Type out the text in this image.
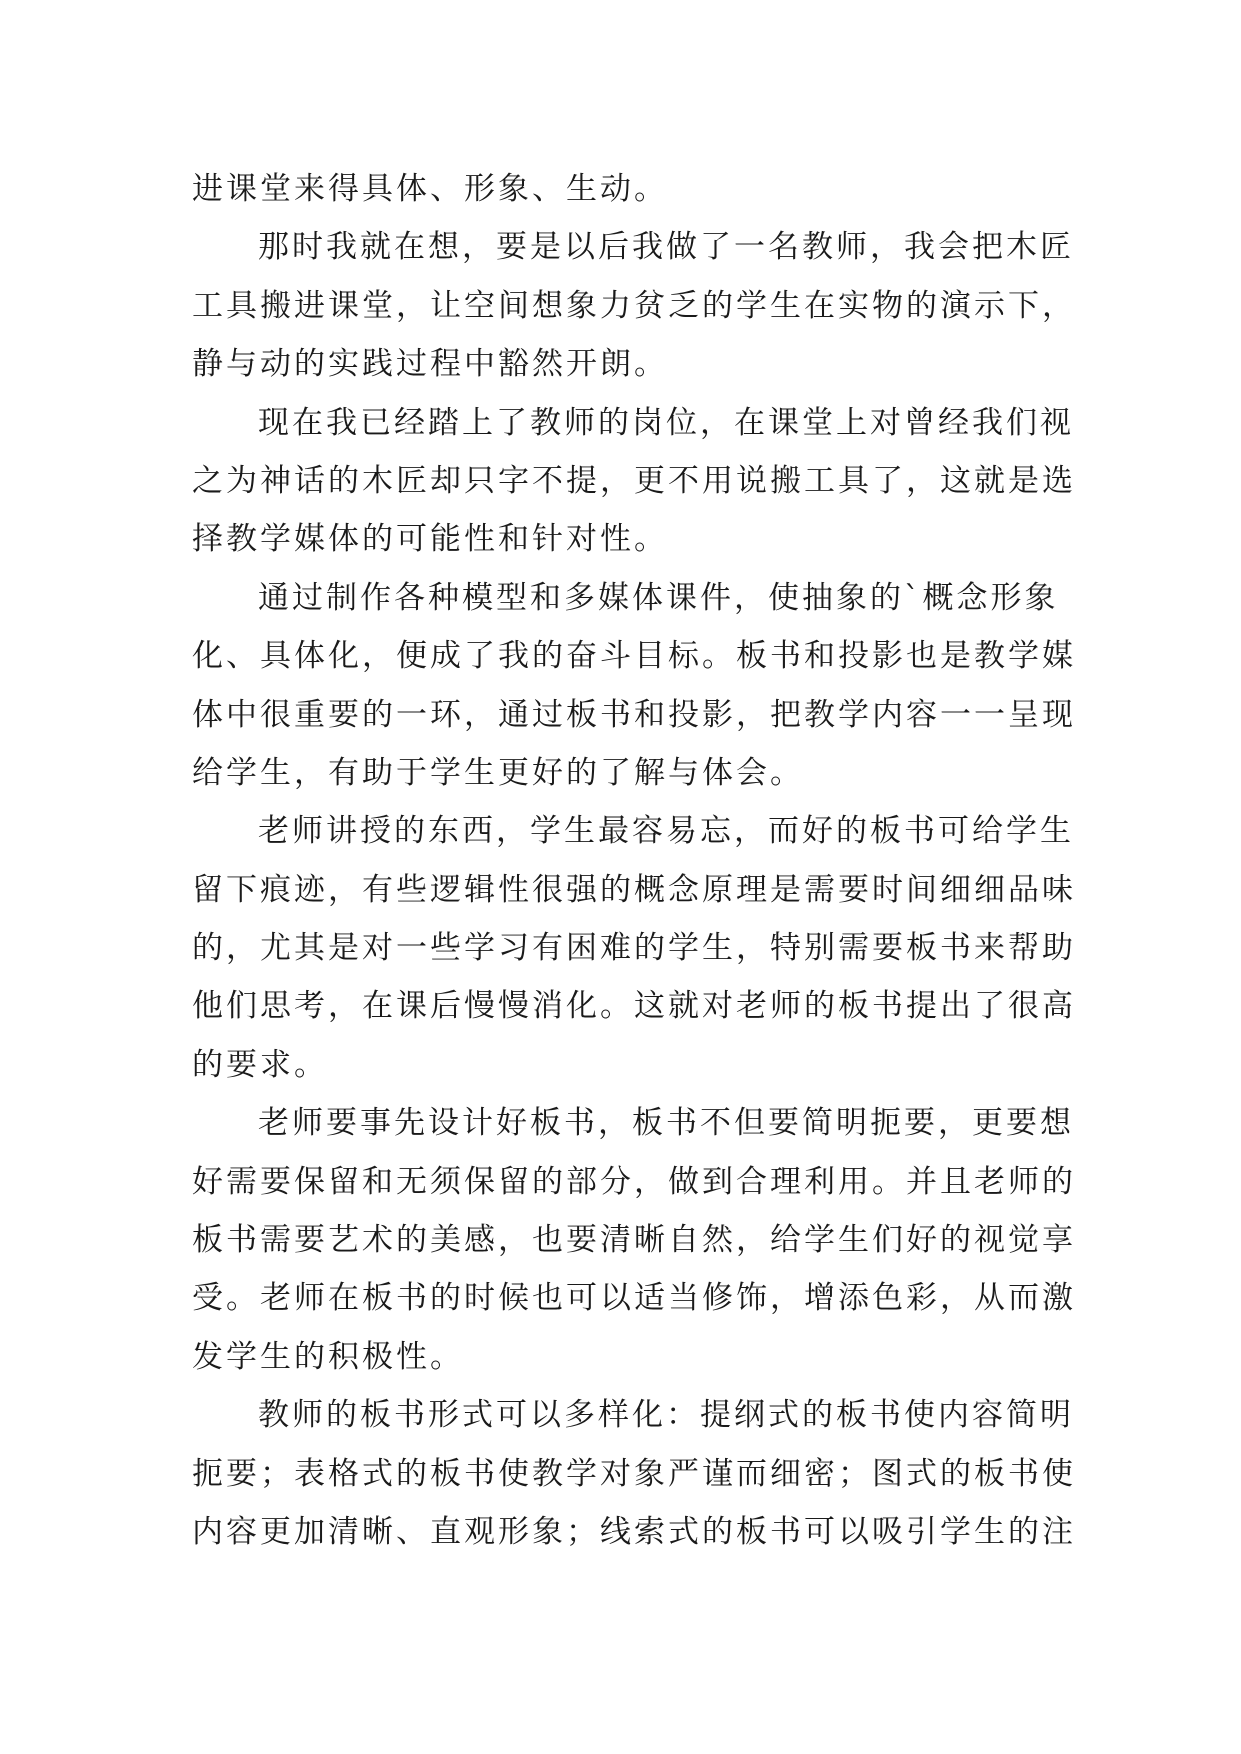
进课堂来得具体、形象、生动。
那时我就在想，要是以后我做了一名教师，我会把木匠
工具搬进课堂，让空间想象力贫乏的学生在实物的演示下，
静与动的实践过程中豁然开朗。
现在我已经踏上了教师的岗位，在课堂上对曾经我们视
之为神话的木匠却只字不提，更不用说搬工具了，这就是选
择教学媒体的可能性和针对性。
通过制作各种模型和多媒体课件，使抽象的`概念形象
化、具体化，便成了我的奋斗目标。板书和投影也是教学媒
体中很重要的一环，通过板书和投影，把教学内容一一呈现
给学生，有助于学生更好的了解与体会。
老师讲授的东西，学生最容易忘，而好的板书可给学生
留下痕迹，有些逻辑性很强的概念原理是需要时间细细品味
的，尤其是对一些学习有困难的学生，特别需要板书来帮助
他们思考，在课后慢慢消化。这就对老师的板书提出了很高
的要求。
老师要事先设计好板书，板书不但要简明扼要，更要想
好需要保留和无须保留的部分，做到合理利用。并且老师的
板书需要艺术的美感，也要清晰自然，给学生们好的视觉享
受。老师在板书的时候也可以适当修饰，增添色彩，从而激
发学生的积极性。
教师的板书形式可以多样化：提纲式的板书使内容简明
扼要；表格式的板书使教学对象严谨而细密；图式的板书使
内容更加清晰、直观形象；线索式的板书可以吸引学生的注
